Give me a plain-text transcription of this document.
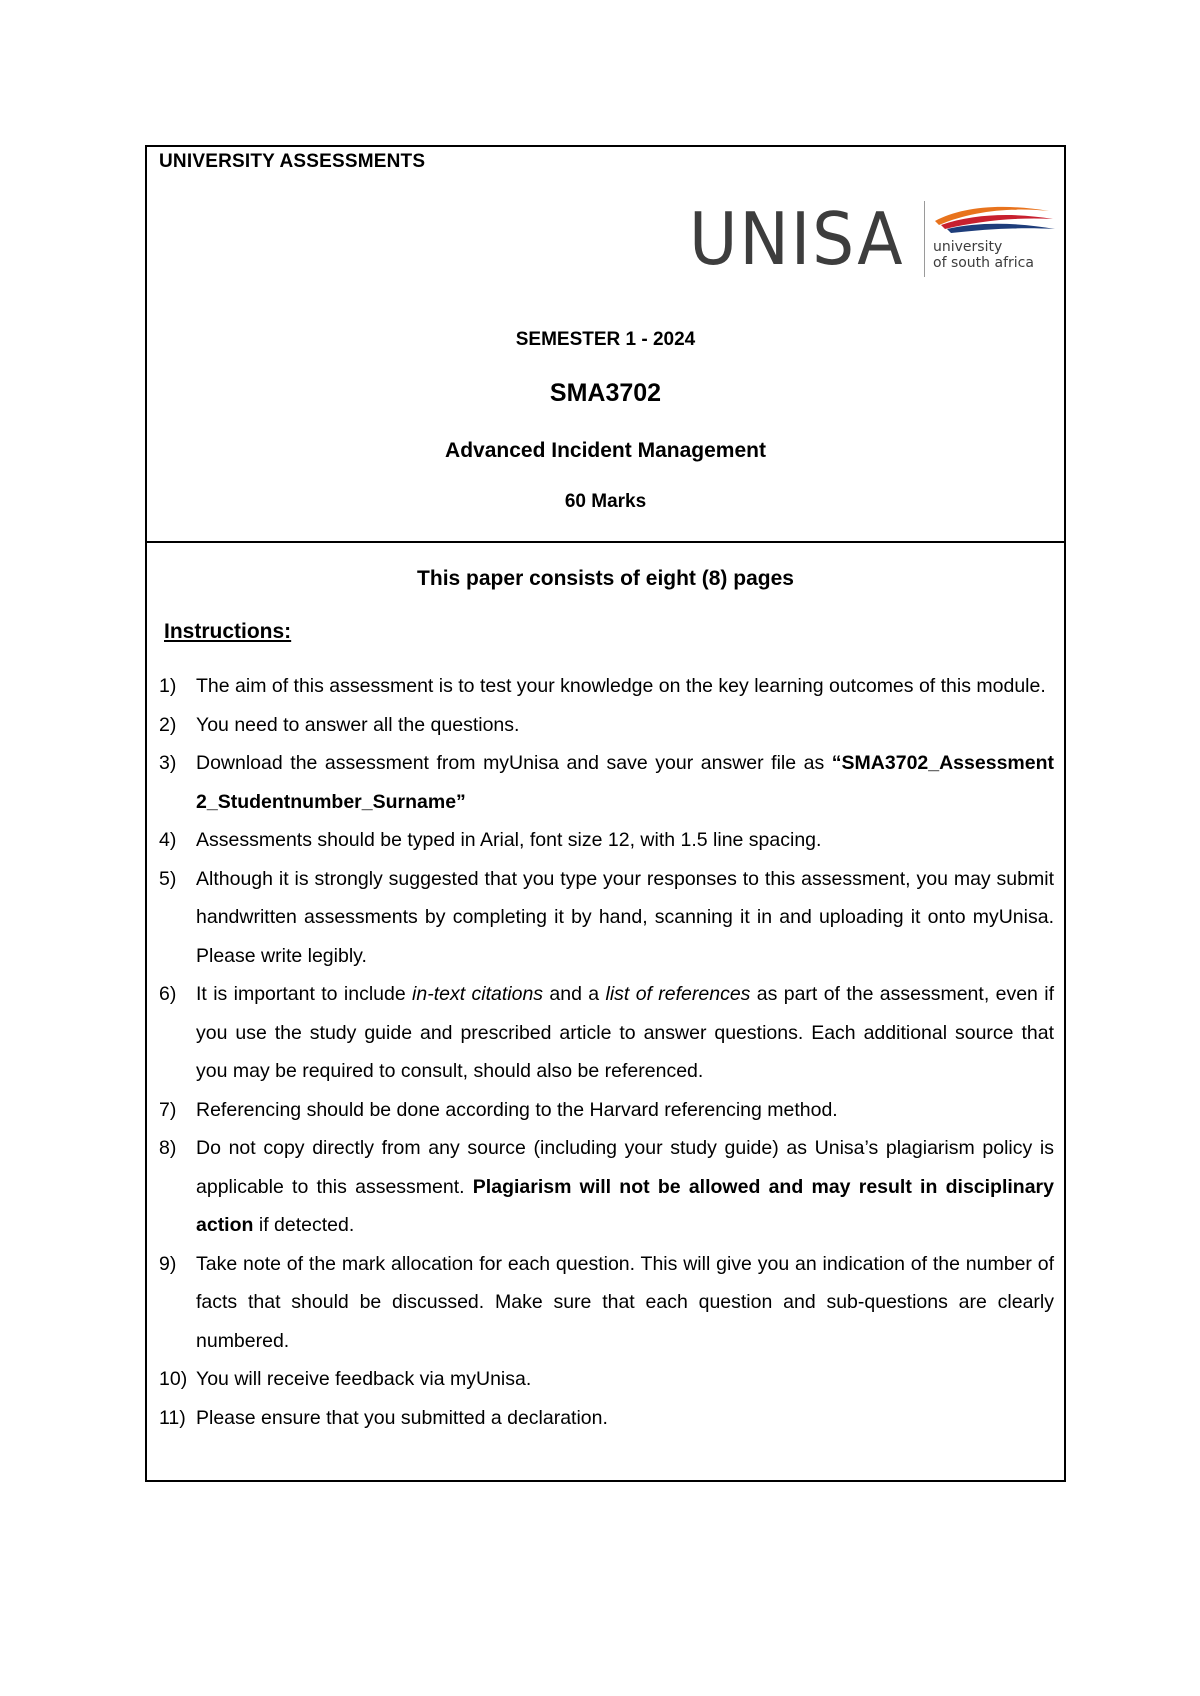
UNIVERSITY ASSESSMENTS
UNISA university
of south africa
SEMESTER 1 - 2024
SMA3702
Advanced Incident Management
60 Marks
This paper consists of eight (8) pages
Instructions:
1) The aim of this assessment is to test your knowledge on the key learning outcomes of this module.
2) You need to answer all the questions.
3) Download the assessment from myUnisa and save your answer file as “SMA3702_Assessment 2_Studentnumber_Surname”
4) Assessments should be typed in Arial, font size 12, with 1.5 line spacing.
5) Although it is strongly suggested that you type your responses to this assessment, you may submit handwritten assessments by completing it by hand, scanning it in and uploading it onto myUnisa. Please write legibly.
6) It is important to include in-text citations and a list of references as part of the assessment, even if you use the study guide and prescribed article to answer questions. Each additional source that you may be required to consult, should also be referenced.
7) Referencing should be done according to the Harvard referencing method.
8) Do not copy directly from any source (including your study guide) as Unisa’s plagiarism policy is applicable to this assessment. Plagiarism will not be allowed and may result in disciplinary action if detected.
9) Take note of the mark allocation for each question. This will give you an indication of the number of facts that should be discussed. Make sure that each question and sub-questions are clearly numbered.
10) You will receive feedback via myUnisa.
11) Please ensure that you submitted a declaration.
